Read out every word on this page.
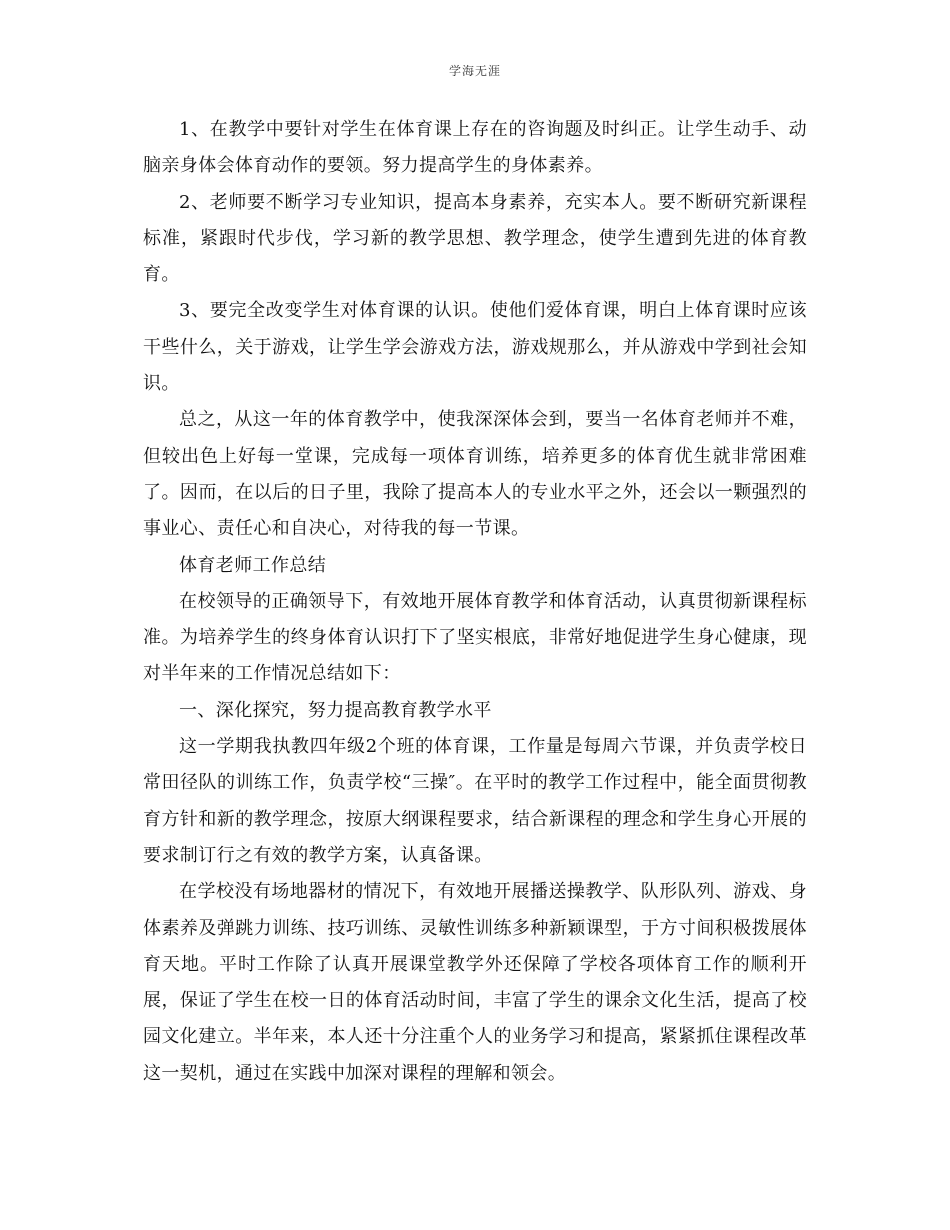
学海无涯

1、在教学中要针对学生在体育课上存在的咨询题及时纠正。让学生动手、动脑亲身体会体育动作的要领。努力提高学生的身体素养。

2、老师要不断学习专业知识，提高本身素养，充实本人。要不断研究新课程标准，紧跟时代步伐，学习新的教学思想、教学理念，使学生遭到先进的体育教育。

3、要完全改变学生对体育课的认识。使他们爱体育课，明白上体育课时应该干些什么，关于游戏，让学生学会游戏方法，游戏规那么，并从游戏中学到社会知识。

总之，从这一年的体育教学中，使我深深体会到，要当一名体育老师并不难，但较出色上好每一堂课，完成每一项体育训练，培养更多的体育优生就非常困难了。因而，在以后的日子里，我除了提高本人的专业水平之外，还会以一颗强烈的事业心、责任心和自决心，对待我的每一节课。

体育老师工作总结

在校领导的正确领导下，有效地开展体育教学和体育活动，认真贯彻新课程标准。为培养学生的终身体育认识打下了坚实根底，非常好地促进学生身心健康，现对半年来的工作情况总结如下：

一、深化探究，努力提高教育教学水平

这一学期我执教四年级2个班的体育课，工作量是每周六节课，并负责学校日常田径队的训练工作，负责学校“三操″。在平时的教学工作过程中，能全面贯彻教育方针和新的教学理念，按原大纲课程要求，结合新课程的理念和学生身心开展的要求制订行之有效的教学方案，认真备课。

在学校没有场地器材的情况下，有效地开展播送操教学、队形队列、游戏、身体素养及弹跳力训练、技巧训练、灵敏性训练多种新颖课型，于方寸间积极拨展体育天地。平时工作除了认真开展课堂教学外还保障了学校各项体育工作的顺利开展，保证了学生在校一日的体育活动时间，丰富了学生的课余文化生活，提高了校园文化建立。半年来，本人还十分注重个人的业务学习和提高，紧紧抓住课程改革这一契机，通过在实践中加深对课程的理解和领会。
